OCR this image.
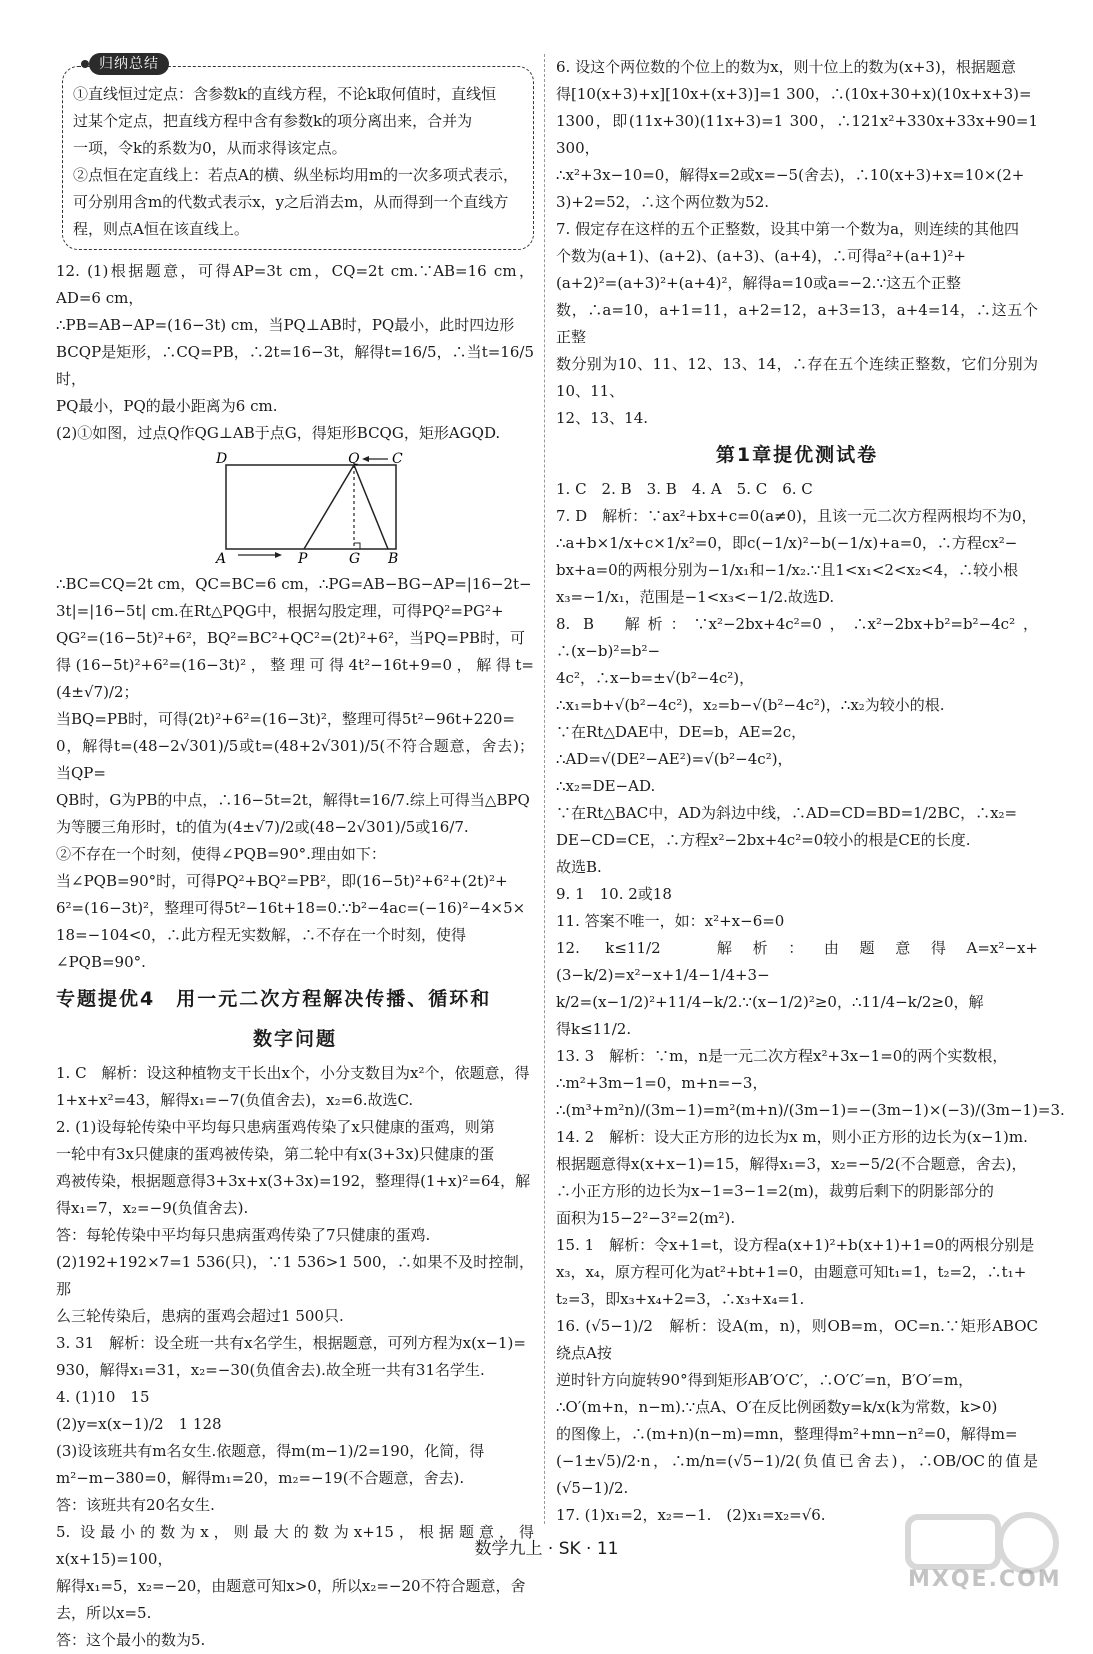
归纳总结
①直线恒过定点：含参数k的直线方程，不论k取何值时，直线恒
过某个定点，把直线方程中含有参数k的项分离出来，合并为
一项，令k的系数为0，从而求得该定点。
②点恒在定直线上：若点A的横、纵坐标均用m的一次多项式表示，
可分别用含m的代数式表示x，y之后消去m，从而得到一个直线方
程，则点A恒在该直线上。
12. (1)根据题意，可得AP=3t cm，CQ=2t cm.∵AB=16 cm，AD=6 cm，
∴PB=AB−AP=(16−3t) cm，当PQ⊥AB时，PQ最小，此时四边形
BCQP是矩形，∴CQ=PB，∴2t=16−3t，解得t=16/5，∴当t=16/5时，
PQ最小，PQ的最小距离为6 cm.
(2)①如图，过点Q作QG⊥AB于点G，得矩形BCQG，矩形AGQD.
D	Q C
A	P	G B
∴BC=CQ=2t cm，QC=BC=6 cm，∴PG=AB−BG−AP=|16−2t−
3t|=|16−5t| cm.在Rt△PQG中，根据勾股定理，可得PQ²=PG²+
QG²=(16−5t)²+6²，BQ²=BC²+QC²=(2t)²+6²，当PQ=PB时，可
得(16−5t)²+6²=(16−3t)²，整理可得4t²−16t+9=0，解得t=(4±√7)/2；
当BQ=PB时，可得(2t)²+6²=(16−3t)²，整理可得5t²−96t+220=
0，解得t=(48−2√301)/5或t=(48+2√301)/5(不符合题意，舍去)；当QP=
QB时，G为PB的中点，∴16−5t=2t，解得t=16/7.综上可得当△BPQ
为等腰三角形时，t的值为(4±√7)/2或(48−2√301)/5或16/7.
②不存在一个时刻，使得∠PQB=90°.理由如下：
当∠PQB=90°时，可得PQ²+BQ²=PB²，即(16−5t)²+6²+(2t)²+
6²=(16−3t)²，整理可得5t²−16t+18=0.∵b²−4ac=(−16)²−4×5×
18=−104<0，∴此方程无实数解，∴不存在一个时刻，使得
∠PQB=90°.
专题提优4　用一元二次方程解决传播、循环和
数字问题
1. C　解析：设这种植物支干长出x个，小分支数目为x²个，依题意，得
1+x+x²=43，解得x₁=−7(负值舍去)，x₂=6.故选C.
2. (1)设每轮传染中平均每只患病蛋鸡传染了x只健康的蛋鸡，则第
一轮中有3x只健康的蛋鸡被传染，第二轮中有x(3+3x)只健康的蛋
鸡被传染，根据题意得3+3x+x(3+3x)=192，整理得(1+x)²=64，解
得x₁=7，x₂=−9(负值舍去).
答：每轮传染中平均每只患病蛋鸡传染了7只健康的蛋鸡.
(2)192+192×7=1 536(只)，∵1 536>1 500，∴如果不及时控制，那
么三轮传染后，患病的蛋鸡会超过1 500只.
3. 31　解析：设全班一共有x名学生，根据题意，可列方程为x(x−1)=
930，解得x₁=31，x₂=−30(负值舍去).故全班一共有31名学生.
4. (1)10　15
(2)y=x(x−1)/2　1 128
(3)设该班共有m名女生.依题意，得m(m−1)/2=190，化简，得
m²−m−380=0，解得m₁=20，m₂=−19(不合题意，舍去).
答：该班共有20名女生.
5. 设最小的数为x，则最大的数为x+15，根据题意，得x(x+15)=100，
解得x₁=5，x₂=−20，由题意可知x>0，所以x₂=−20不符合题意，舍
去，所以x=5.
答：这个最小的数为5.
6. 设这个两位数的个位上的数为x，则十位上的数为(x+3)，根据题意
得[10(x+3)+x][10x+(x+3)]=1 300，∴(10x+30+x)(10x+x+3)=
1300，即(11x+30)(11x+3)=1 300，∴121x²+330x+33x+90=1 300，
∴x²+3x−10=0，解得x=2或x=−5(舍去)，∴10(x+3)+x=10×(2+
3)+2=52，∴这个两位数为52.
7. 假定存在这样的五个正整数，设其中第一个数为a，则连续的其他四
个数为(a+1)、(a+2)、(a+3)、(a+4)，∴可得a²+(a+1)²+
(a+2)²=(a+3)²+(a+4)²，解得a=10或a=−2.∵这五个正整
数，∴a=10，a+1=11，a+2=12，a+3=13，a+4=14，∴这五个正整
数分别为10、11、12、13、14，∴存在五个连续正整数，它们分别为10、11、
12、13、14.
第1章提优测试卷
1. C　2. B　3. B　4. A　5. C　6. C
7. D　解析：∵ax²+bx+c=0(a≠0)，且该一元二次方程两根均不为0，
∴a+b×1/x+c×1/x²=0，即c(−1/x)²−b(−1/x)+a=0，∴方程cx²−
bx+a=0的两根分别为−1/x₁和−1/x₂.∵且1<x₁<2<x₂<4，∴较小根
x₃=−1/x₁，范围是−1<x₃<−1/2.故选D.
8. B　解析：∵x²−2bx+4c²=0，∴x²−2bx+b²=b²−4c²，∴(x−b)²=b²−
4c²，∴x−b=±√(b²−4c²)，
∴x₁=b+√(b²−4c²)，x₂=b−√(b²−4c²)，∴x₂为较小的根.
∵在Rt△DAE中，DE=b，AE=2c，
∴AD=√(DE²−AE²)=√(b²−4c²)，
∴x₂=DE−AD.
∵在Rt△BAC中，AD为斜边中线，∴AD=CD=BD=1/2BC，∴x₂=
DE−CD=CE，∴方程x²−2bx+4c²=0较小的根是CE的长度.
故选B.
9. 1　10. 2或18
11. 答案不唯一，如：x²+x−6=0
12. k≤11/2　解析：由题意得A=x²−x+(3−k/2)=x²−x+1/4−1/4+3−
k/2=(x−1/2)²+11/4−k/2.∵(x−1/2)²≥0，∴11/4−k/2≥0，解
得k≤11/2.
13. 3　解析：∵m，n是一元二次方程x²+3x−1=0的两个实数根，
∴m²+3m−1=0，m+n=−3，
∴(m³+m²n)/(3m−1)=m²(m+n)/(3m−1)=−(3m−1)×(−3)/(3m−1)=3.
14. 2　解析：设大正方形的边长为x m，则小正方形的边长为(x−1)m.
根据题意得x(x+x−1)=15，解得x₁=3，x₂=−5/2(不合题意，舍去)，
∴小正方形的边长为x−1=3−1=2(m)，裁剪后剩下的阴影部分的
面积为15−2²−3²=2(m²).
15. 1　解析：令x+1=t，设方程a(x+1)²+b(x+1)+1=0的两根分别是
x₃，x₄，原方程可化为at²+bt+1=0，由题意可知t₁=1，t₂=2，∴t₁+
t₂=3，即x₃+x₄+2=3，∴x₃+x₄=1.
16. (√5−1)/2　解析：设A(m，n)，则OB=m，OC=n.∵矩形ABOC绕点A按
逆时针方向旋转90°得到矩形AB′O′C′，∴O′C′=n，B′O′=m，
∴O′(m+n，n−m).∵点A、O′在反比例函数y=k/x(k为常数，k>0)
的图像上，∴(m+n)(n−m)=mn，整理得m²+mn−n²=0，解得m=
(−1±√5)/2·n，∴m/n=(√5−1)/2(负值已舍去)，∴OB/OC的值是(√5−1)/2.
17. (1)x₁=2，x₂=−1.　(2)x₁=x₂=√6.
数学九上 · SK · 11
MXQE.COM
